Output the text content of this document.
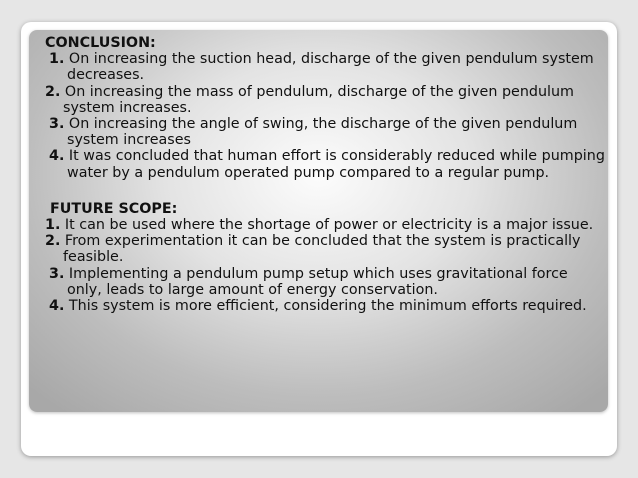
CONCLUSION:

1. On increasing the suction head, discharge of the given pendulum system decreases.

2. On increasing the mass of pendulum, discharge of the given pendulum system increases.

3. On increasing the angle of swing, the discharge of the given pendulum system increases

4. It was concluded that human effort is considerably reduced while pumping water by a pendulum operated pump compared to a regular pump.

FUTURE SCOPE:

1. It can be used where the shortage of power or electricity is a major issue.

2. From experimentation it can be concluded that the system is practically feasible.

3. Implementing a pendulum pump setup which uses gravitational force only, leads to large amount of energy conservation.

4. This system is more efficient, considering the minimum efforts required.
